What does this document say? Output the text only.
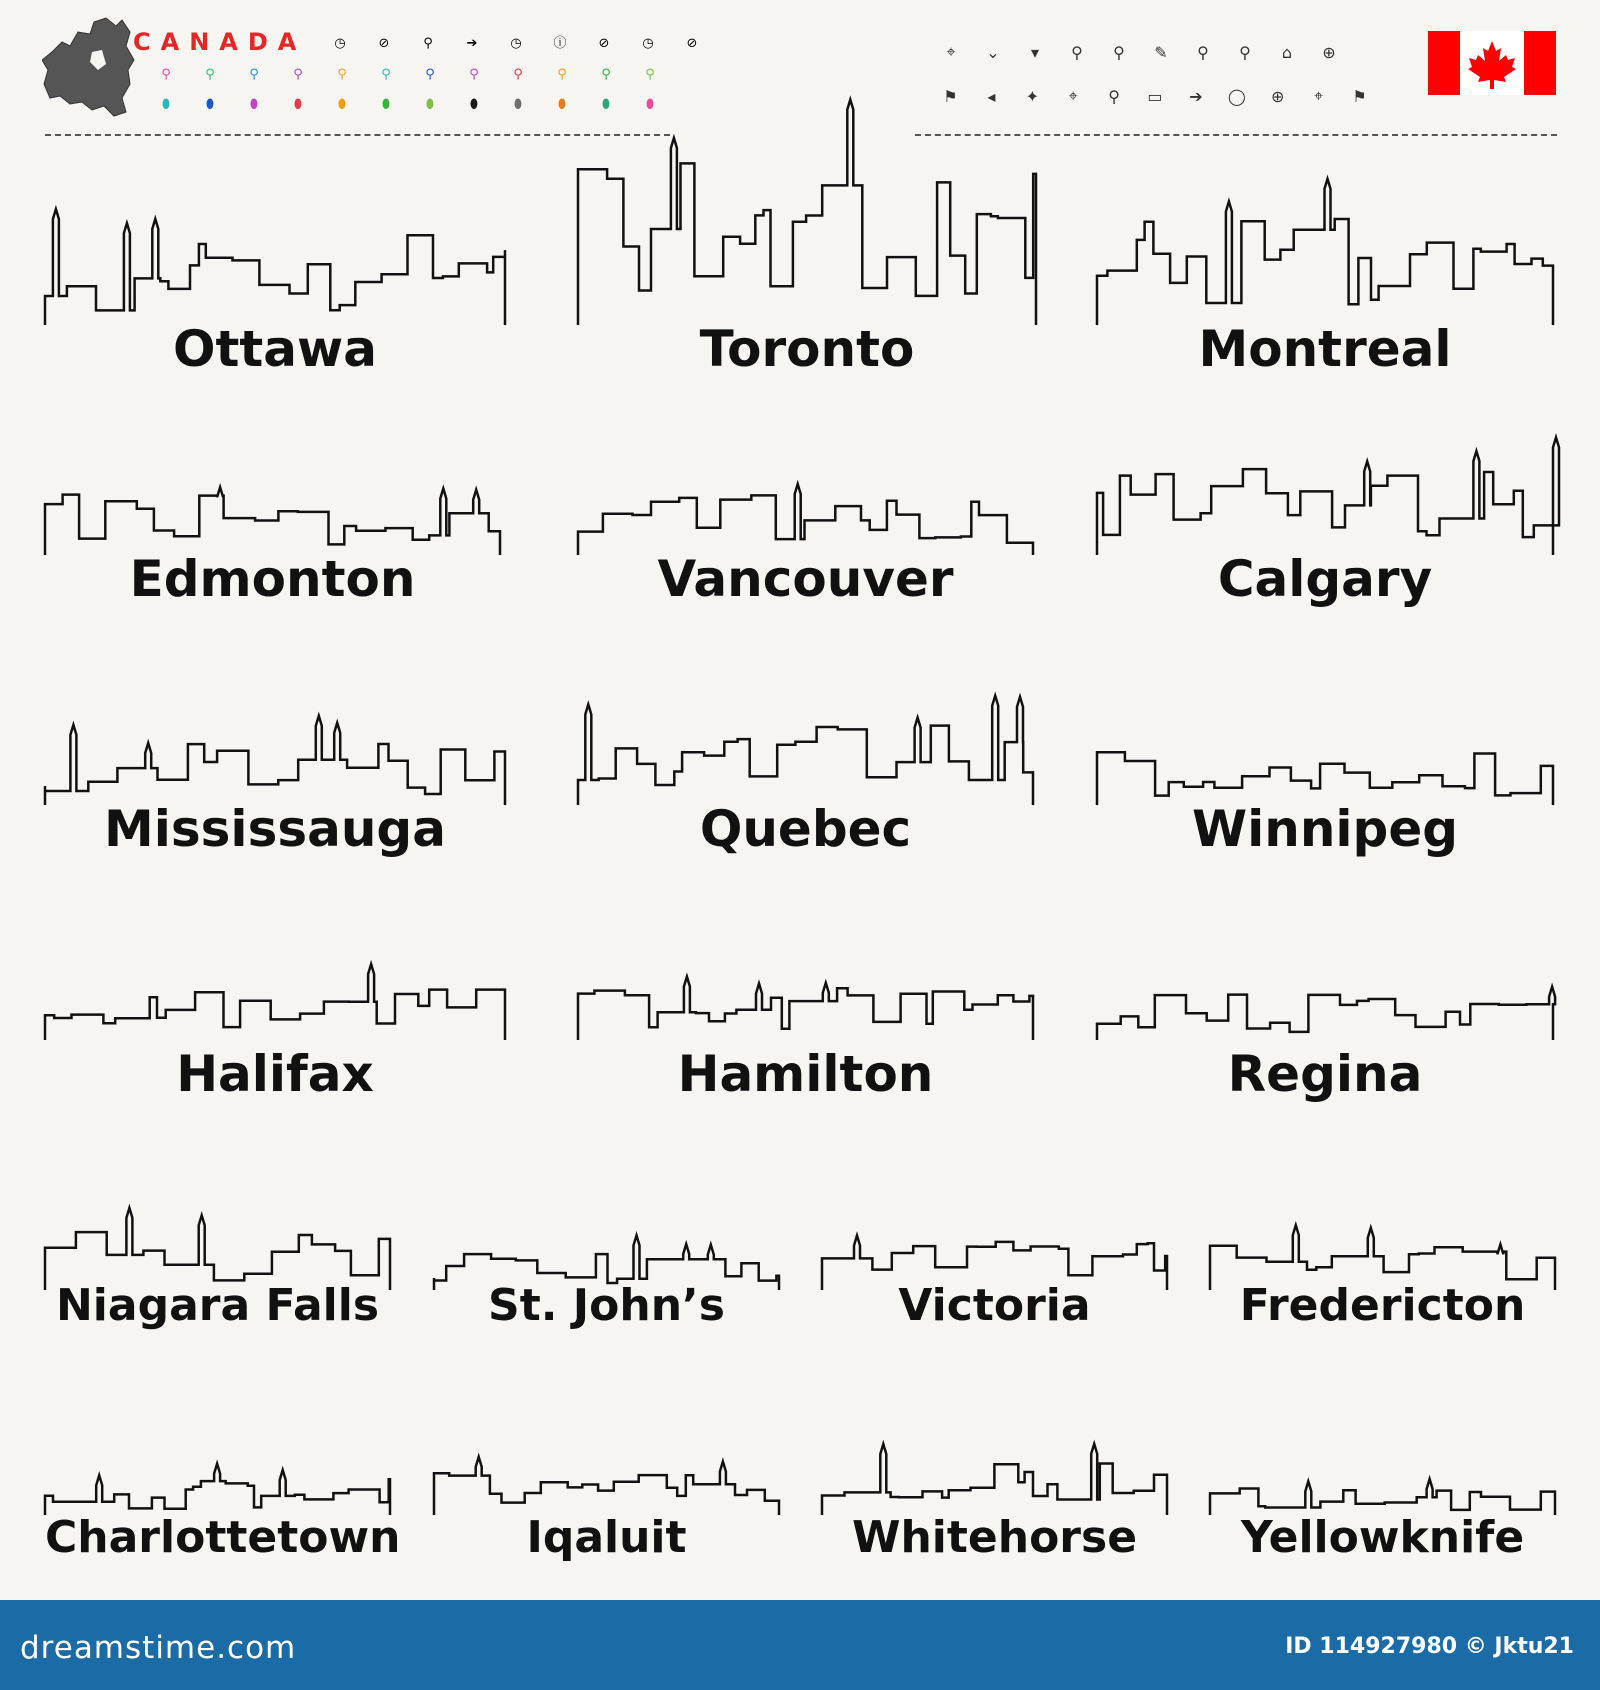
CANADA	◷	⊘	⚲	➔	◷	ⓘ	⊘	◷	⊘
⚲	⚲	⚲	⚲	⚲	⚲	⚲	⚲	⚲	⚲	⚲	⚲
⬮	⬮	⬮	⬮	⬮	⬮	⬮	⬮	⬮	⬮	⬮	⬮
⌖	⌄	▾	⚲	⚲	✎	⚲	⚲	⌂	⊕
⚑	◂	✦	⌖	⚲	▭	➔	◯	⊕	⌖	⚑
Ottawa	Toronto	Montreal
Edmonton	Vancouver	Calgary
Mississauga	Quebec	Winnipeg
Halifax	Hamilton	Regina
Niagara Falls	St. John’s	Victoria	Fredericton
Charlottetown	Iqaluit	Whitehorse	Yellowknife
dreamstime.com	ID 114927980 © Jktu21
